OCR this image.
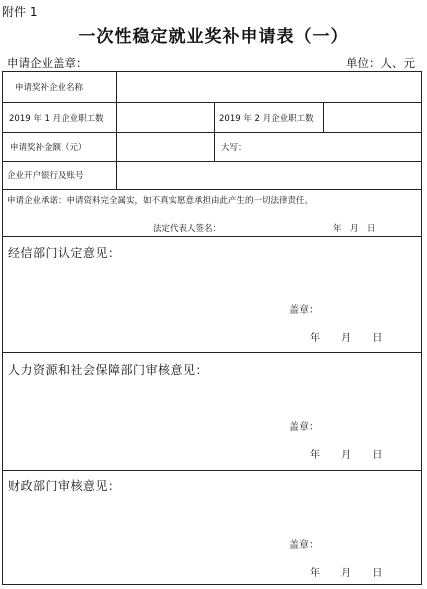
附件 1
一次性稳定就业奖补申请表（一）
申请企业盖章：	单位：人、元
申请奖补企业名称
2019 年 1 月企业职工数	2019 年 2 月企业职工数
申请奖补金额（元）	大写：
企业开户银行及账号
申请企业承诺：申请资料完全属实，如不真实愿意承担由此产生的一切法律责任。
法定代表人签名：	年　月　日
经信部门认定意见：
盖章：
年 月 日
人力资源和社会保障部门审核意见：
盖章：
年 月 日
财政部门审核意见：
盖章：
年 月 日
